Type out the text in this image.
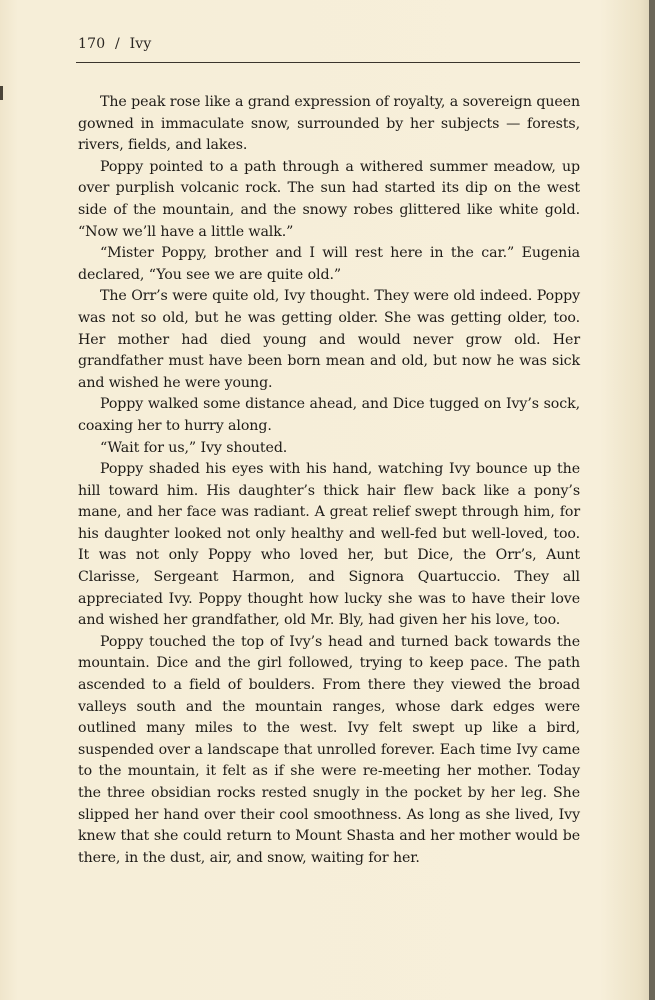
170 / Ivy

The peak rose like a grand expression of royalty, a sovereign queen gowned in immaculate snow, surrounded by her subjects — forests, rivers, fields, and lakes.

Poppy pointed to a path through a withered summer meadow, up over purplish volcanic rock. The sun had started its dip on the west side of the mountain, and the snowy robes glittered like white gold. “Now we’ll have a little walk.”

“Mister Poppy, brother and I will rest here in the car.” Eugenia declared, “You see we are quite old.”

The Orr’s were quite old, Ivy thought. They were old indeed. Poppy was not so old, but he was getting older. She was getting older, too. Her mother had died young and would never grow old. Her grandfather must have been born mean and old, but now he was sick and wished he were young.

Poppy walked some distance ahead, and Dice tugged on Ivy’s sock, coaxing her to hurry along.

“Wait for us,” Ivy shouted.

Poppy shaded his eyes with his hand, watching Ivy bounce up the hill toward him. His daughter’s thick hair flew back like a pony’s mane, and her face was radiant. A great relief swept through him, for his daughter looked not only healthy and well-fed but well-loved, too. It was not only Poppy who loved her, but Dice, the Orr’s, Aunt Clarisse, Sergeant Harmon, and Signora Quartuccio. They all appreciated Ivy. Poppy thought how lucky she was to have their love and wished her grandfather, old Mr. Bly, had given her his love, too.

Poppy touched the top of Ivy’s head and turned back towards the mountain. Dice and the girl followed, trying to keep pace. The path ascended to a field of boulders. From there they viewed the broad valleys south and the mountain ranges, whose dark edges were outlined many miles to the west. Ivy felt swept up like a bird, suspended over a landscape that unrolled forever. Each time Ivy came to the mountain, it felt as if she were re-meeting her mother. Today the three obsidian rocks rested snugly in the pocket by her leg. She slipped her hand over their cool smoothness. As long as she lived, Ivy knew that she could return to Mount Shasta and her mother would be there, in the dust, air, and snow, waiting for her.
